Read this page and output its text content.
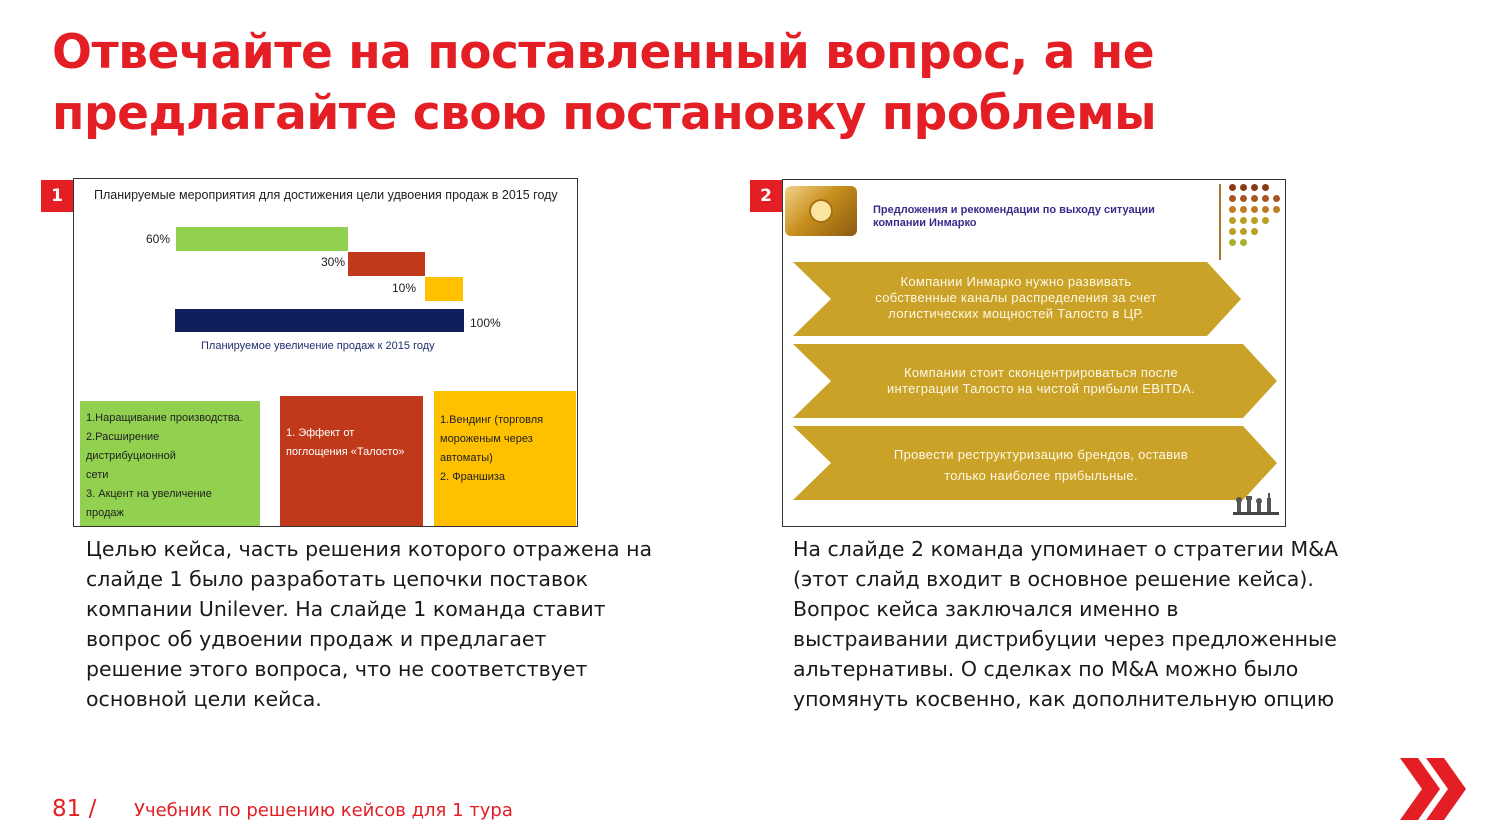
Отвечайте на поставленный вопрос, а не
предлагайте свою постановку проблемы
1	Планируемые мероприятия для достижения цели удвоения продаж в 2015 году
60%
30%
10%
100%
Планируемое увеличение продаж к 2015 году
1.Наращивание производства.
2.Расширение
дистрибуционной
сети
3. Акцент на увеличение
продаж
1. Эффект от
поглощения «Талосто»
1.Вендинг (торговля
мороженым через
автоматы)
2. Франшиза
2
Предложения и рекомендации по выходу ситуации
компании Инмарко
Компании Инмарко нужно развивать
собственные каналы распределения за счет
логистических мощностей Талосто в ЦР.
Компании стоит сконцентрироваться после
интеграции Талосто на чистой прибыли EBITDA.
Провести реструктуризацию брендов, оставив
только наиболее прибыльные.
Целью кейса, часть решения которого отражена на
слайде 1 было разработать цепочки поставок
компании Unilever. На слайде 1 команда ставит
вопрос об удвоении продаж и предлагает
решение этого вопроса, что не соответствует
основной цели кейса.
На слайде 2 команда упоминает о стратегии M&A
(этот слайд входит в основное решение кейса).
Вопрос кейса заключался именно в
выстраивании дистрибуции через предложенные
альтернативы. О сделках по M&A можно было
упомянуть косвенно, как дополнительную опцию
81 / Учебник по решению кейсов для 1 тура
